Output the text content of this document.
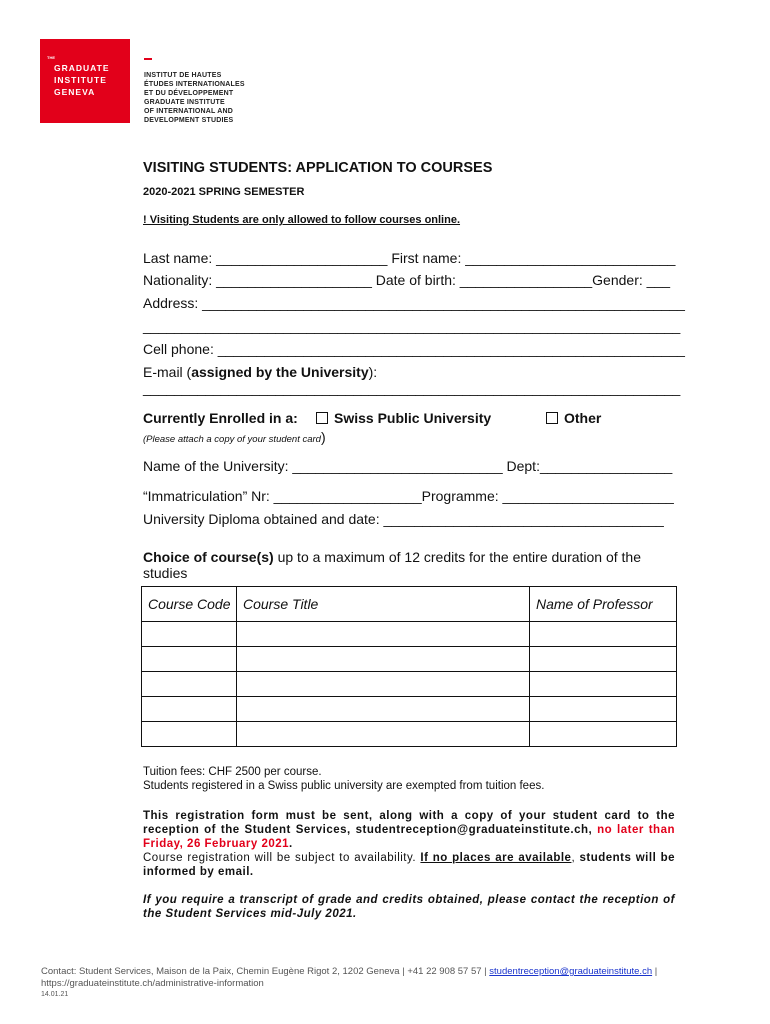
THE
GRADUATE
INSTITUTE
GENEVA
INSTITUT DE HAUTES
ÉTUDES INTERNATIONALES
ET DU DÉVELOPPEMENT
GRADUATE INSTITUTE
OF INTERNATIONAL AND
DEVELOPMENT STUDIES
VISITING STUDENTS: APPLICATION TO COURSES
2020-2021 SPRING SEMESTER
! Visiting Students are only allowed to follow courses online.
Last name: ______________________ First name: ___________________________
Nationality: ____________________ Date of birth: _________________Gender: ___
Address: ______________________________________________________________
_____________________________________________________________________
Cell phone: ____________________________________________________________
E-mail (assigned by the University):
_____________________________________________________________________
Currently Enrolled in a:	Swiss Public University	Other
(Please attach a copy of your student card)
Name of the University: ___________________________ Dept:_________________
“Immatriculation” Nr: ___________________Programme: ______________________
University Diploma obtained and date: ____________________________________
Choice of course(s) up to a maximum of 12 credits for the entire duration of the
studies
Course Code	Course Title	Name of Professor

Tuition fees: CHF 2500 per course.
Students registered in a Swiss public university are exempted from tuition fees.
This registration form must be sent, along with a copy of your student card to the reception of the Student Services, studentreception@graduateinstitute.ch, no later than Friday, 26 February 2021.
Course registration will be subject to availability. If no places are available, students will be informed by email.
If you require a transcript of grade and credits obtained, please contact the reception of the Student Services mid-July 2021.
Contact: Student Services, Maison de la Paix, Chemin Eugène Rigot 2, 1202 Geneva | +41 22 908 57 57 | studentreception@graduateinstitute.ch |
https://graduateinstitute.ch/administrative-information
14.01.21
